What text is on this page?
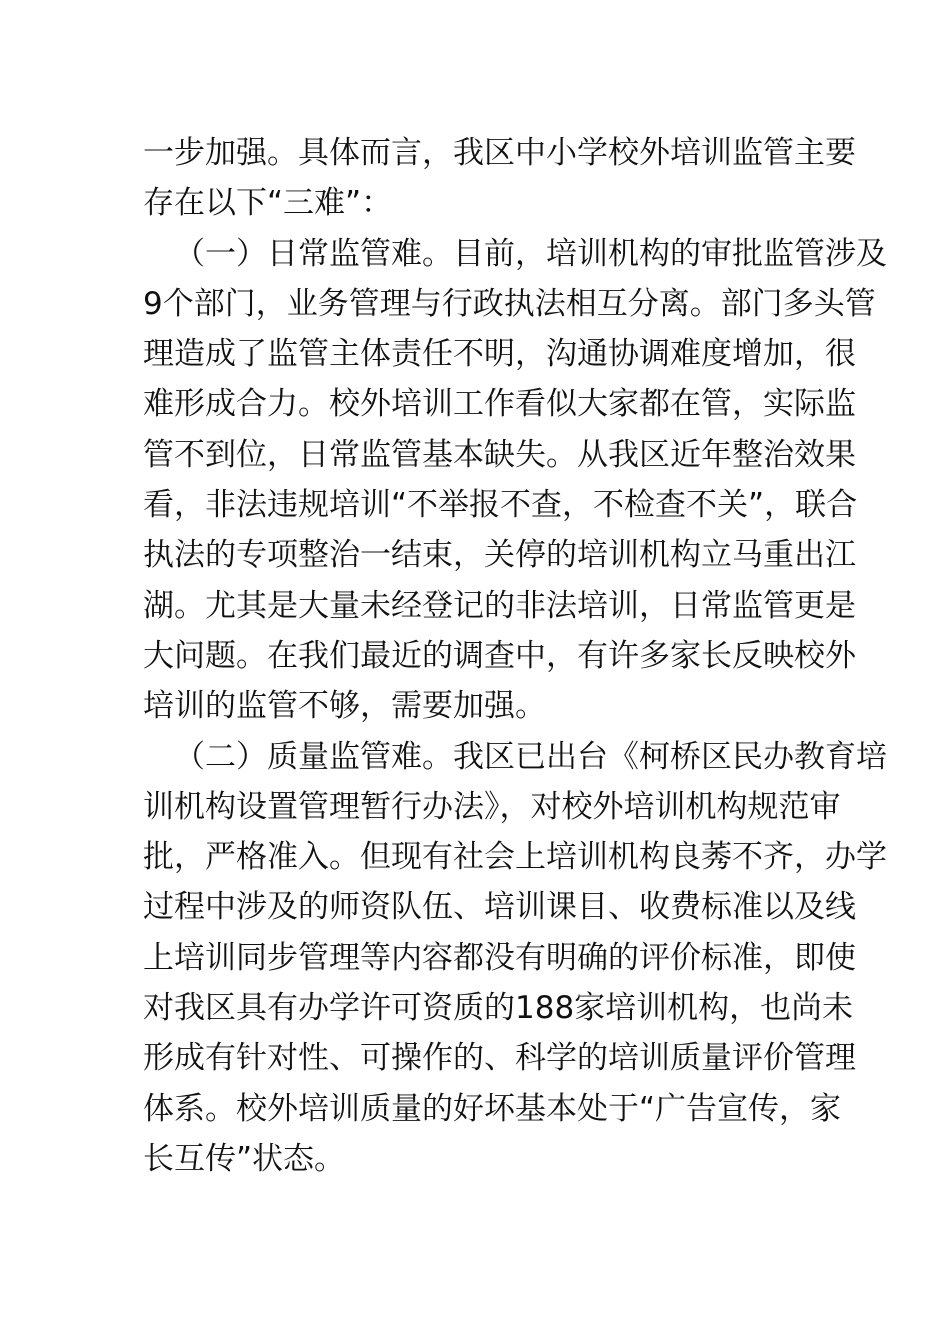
一步加强。具体而言，我区中小学校外培训监管主要
存在以下“三难”：
（一）日常监管难。目前，培训机构的审批监管涉及
9个部门，业务管理与行政执法相互分离。部门多头管
理造成了监管主体责任不明，沟通协调难度增加，很
难形成合力。校外培训工作看似大家都在管，实际监
管不到位，日常监管基本缺失。从我区近年整治效果
看，非法违规培训“不举报不查，不检查不关”，联合
执法的专项整治一结束，关停的培训机构立马重出江
湖。尤其是大量未经登记的非法培训，日常监管更是
大问题。在我们最近的调查中，有许多家长反映校外
培训的监管不够，需要加强。
（二）质量监管难。我区已出台《柯桥区民办教育培
训机构设置管理暂行办法》，对校外培训机构规范审
批，严格准入。但现有社会上培训机构良莠不齐，办学
过程中涉及的师资队伍、培训课目、收费标准以及线
上培训同步管理等内容都没有明确的评价标准，即使
对我区具有办学许可资质的188家培训机构，也尚未
形成有针对性、可操作的、科学的培训质量评价管理
体系。校外培训质量的好坏基本处于“广告宣传，家
长互传”状态。
